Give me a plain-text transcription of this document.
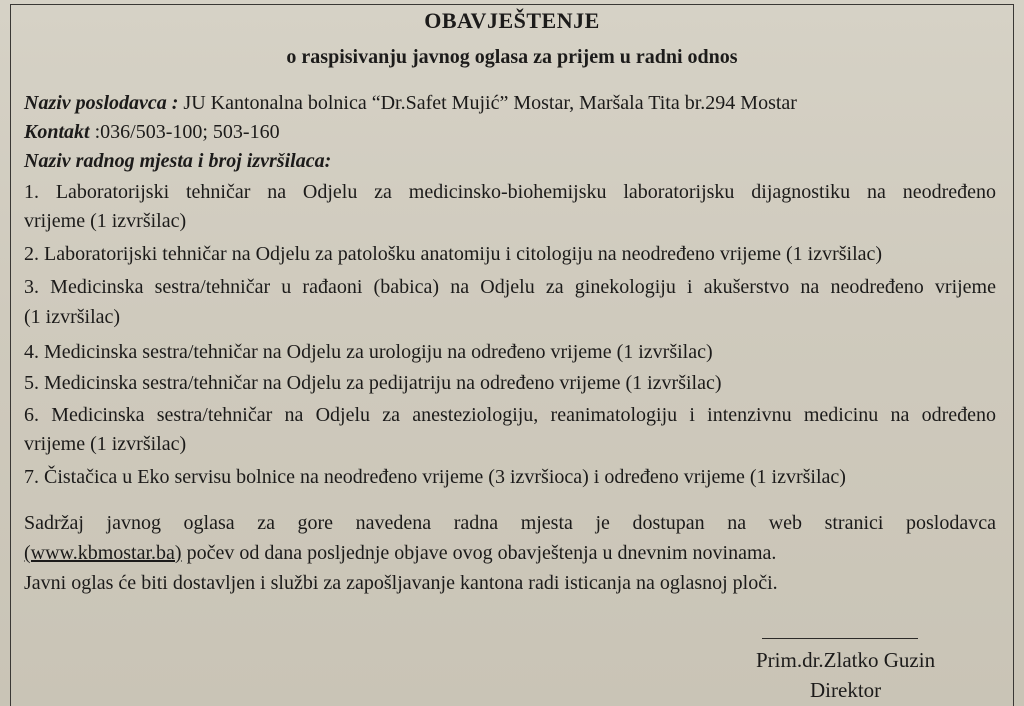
OBAVJEŠTENJE
o raspisivanju javnog oglasa za prijem u radni odnos
Naziv poslodavca : JU Kantonalna bolnica “Dr.Safet Mujić” Mostar, Maršala Tita br.294 Mostar
Kontakt :036/503-100; 503-160
Naziv radnog mjesta i broj izvršilaca:
1. Laboratorijski tehničar na Odjelu za medicinsko-biohemijsku laboratorijsku dijagnostiku na neodređeno
vrijeme (1 izvršilac)
2. Laboratorijski tehničar na Odjelu za patološku anatomiju i citologiju na neodređeno vrijeme (1 izvršilac)
3. Medicinska sestra/tehničar u rađaoni (babica) na Odjelu za ginekologiju i akušerstvo na neodređeno vrijeme
(1 izvršilac)
4. Medicinska sestra/tehničar na Odjelu za urologiju na određeno vrijeme (1 izvršilac)
5. Medicinska sestra/tehničar na Odjelu za pedijatriju na određeno vrijeme (1 izvršilac)
6. Medicinska sestra/tehničar na Odjelu za anesteziologiju, reanimatologiju i intenzivnu medicinu na određeno
vrijeme (1 izvršilac)
7. Čistačica u Eko servisu bolnice na neodređeno vrijeme (3 izvršioca) i određeno vrijeme (1 izvršilac)
Sadržaj javnog oglasa za gore navedena radna mjesta je dostupan na web stranici poslodavca
(www.kbmostar.ba) počev od dana posljednje objave ovog obavještenja u dnevnim novinama.
Javni oglas će biti dostavljen i službi za zapošljavanje kantona radi isticanja na oglasnoj ploči.
Prim.dr.Zlatko Guzin
Direktor
